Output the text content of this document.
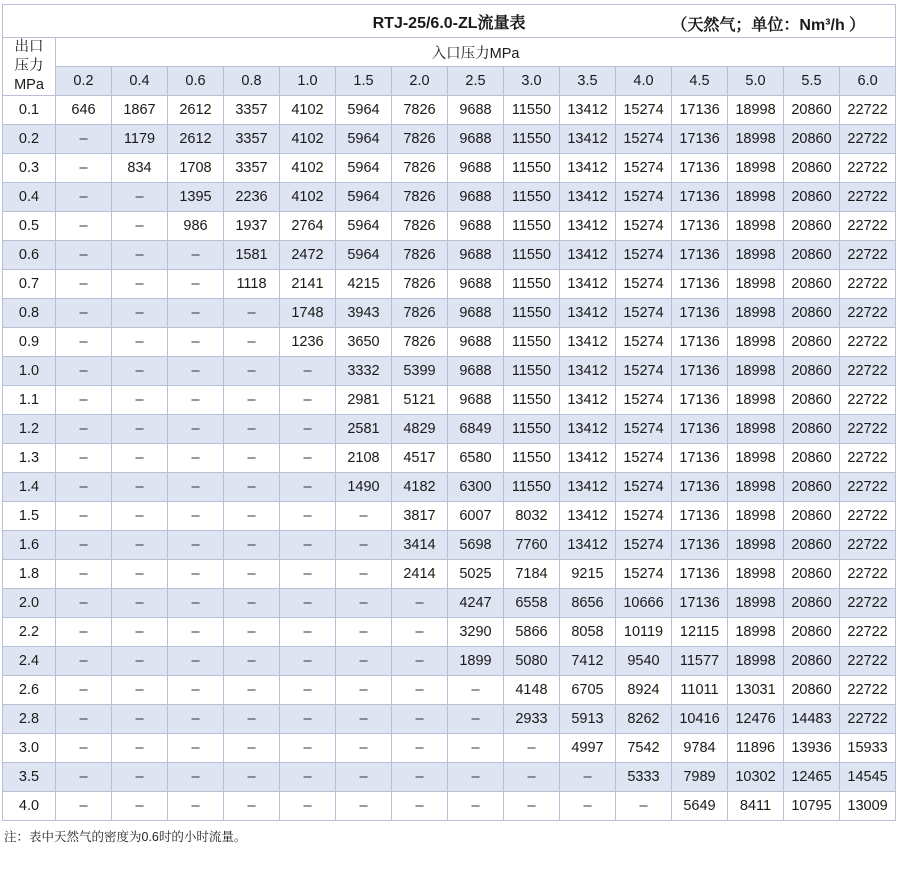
RTJ-25/6.0-ZL流量表 （天然气；单位：Nm³/h ）															

出口
压力
MPa	入口压力MPa														
	0.2	0.4	0.6	0.8	1.0	1.5	2.0	2.5	3.0	3.5	4.0	4.5	5.0	5.5	6.0
0.1	646	1867	2612	3357	4102	5964	7826	9688	11550	13412	15274	17136	18998	20860	22722
0.2	–	1179	2612	3357	4102	5964	7826	9688	11550	13412	15274	17136	18998	20860	22722
0.3	–	834	1708	3357	4102	5964	7826	9688	11550	13412	15274	17136	18998	20860	22722
0.4	–	–	1395	2236	4102	5964	7826	9688	11550	13412	15274	17136	18998	20860	22722
0.5	–	–	986	1937	2764	5964	7826	9688	11550	13412	15274	17136	18998	20860	22722
0.6	–	–	–	1581	2472	5964	7826	9688	11550	13412	15274	17136	18998	20860	22722
0.7	–	–	–	1118	2141	4215	7826	9688	11550	13412	15274	17136	18998	20860	22722
0.8	–	–	–	–	1748	3943	7826	9688	11550	13412	15274	17136	18998	20860	22722
0.9	–	–	–	–	1236	3650	7826	9688	11550	13412	15274	17136	18998	20860	22722
1.0	–	–	–	–	–	3332	5399	9688	11550	13412	15274	17136	18998	20860	22722
1.1	–	–	–	–	–	2981	5121	9688	11550	13412	15274	17136	18998	20860	22722
1.2	–	–	–	–	–	2581	4829	6849	11550	13412	15274	17136	18998	20860	22722
1.3	–	–	–	–	–	2108	4517	6580	11550	13412	15274	17136	18998	20860	22722
1.4	–	–	–	–	–	1490	4182	6300	11550	13412	15274	17136	18998	20860	22722
1.5	–	–	–	–	–	–	3817	6007	8032	13412	15274	17136	18998	20860	22722
1.6	–	–	–	–	–	–	3414	5698	7760	13412	15274	17136	18998	20860	22722
1.8	–	–	–	–	–	–	2414	5025	7184	9215	15274	17136	18998	20860	22722
2.0	–	–	–	–	–	–	–	4247	6558	8656	10666	17136	18998	20860	22722
2.2	–	–	–	–	–	–	–	3290	5866	8058	10119	12115	18998	20860	22722
2.4	–	–	–	–	–	–	–	1899	5080	7412	9540	11577	18998	20860	22722
2.6	–	–	–	–	–	–	–	–	4148	6705	8924	11011	13031	20860	22722
2.8	–	–	–	–	–	–	–	–	2933	5913	8262	10416	12476	14483	22722
3.0	–	–	–	–	–	–	–	–	–	4997	7542	9784	11896	13936	15933
3.5	–	–	–	–	–	–	–	–	–	–	5333	7989	10302	12465	14545
4.0	–	–	–	–	–	–	–	–	–	–	–	5649	8411	10795	13009
注：表中天然气的密度为0.6时的小时流量。
